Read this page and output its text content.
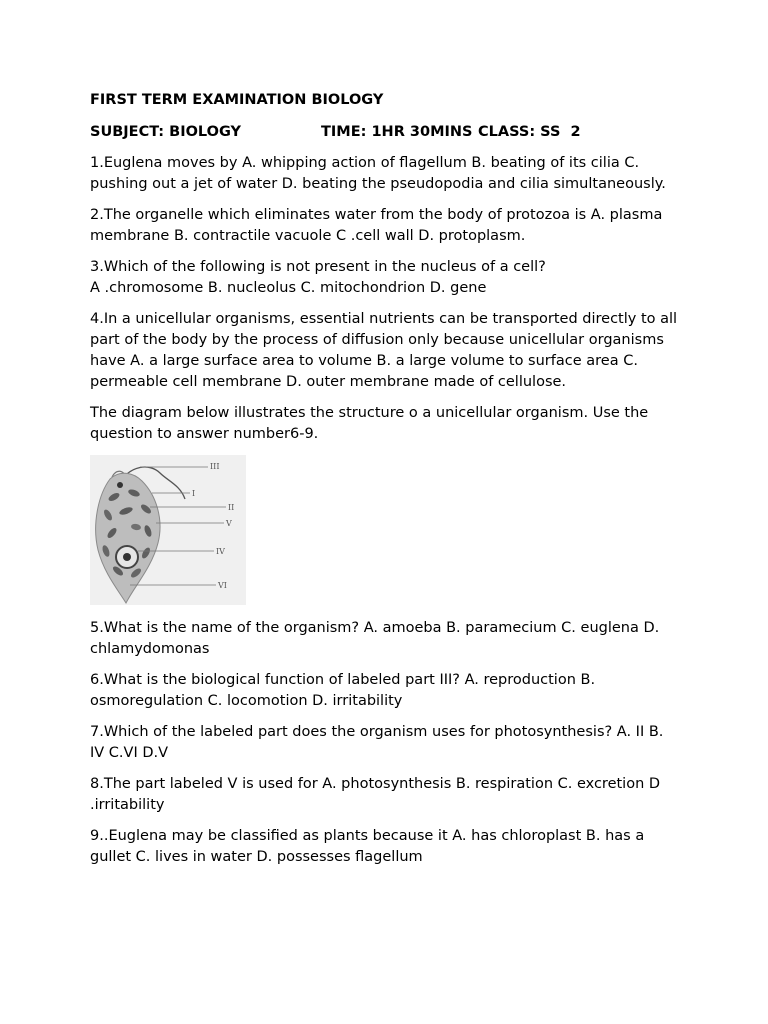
FIRST TERM EXAMINATION BIOLOGY
SUBJECT: BIOLOGY	TIME: 1HR 30MINS CLASS: SS  2
1.Euglena moves by A. whipping action of flagellum B. beating of its cilia C. pushing out a jet of water D. beating the pseudopodia and cilia simultaneously.
2.The organelle which eliminates water from the body of protozoa is A. plasma membrane B. contractile vacuole C .cell wall D. protoplasm.
3.Which of the following is not present in the nucleus of a cell?
A .chromosome B. nucleolus C. mitochondrion D. gene
4.In a unicellular organisms, essential nutrients can be transported directly to all part of the body by the process of diffusion only because unicellular organisms have A. a large surface area to volume B. a large volume to surface area C. permeable cell membrane D. outer membrane made of cellulose.
The diagram below illustrates the structure o a unicellular organism. Use the question to answer number6-9.
III
I
II
V
IV
VI
5.What is the name of the organism? A. amoeba B. paramecium C. euglena D. chlamydomonas
6.What is the biological function of labeled part III? A. reproduction B. osmoregulation C. locomotion D. irritability
7.Which of the labeled part does the organism uses for photosynthesis? A. II B. IV C.VI D.V
8.The part labeled V is used for A. photosynthesis B. respiration C. excretion D .irritability
9..Euglena may be classified as plants because it A. has chloroplast B. has a gullet C. lives in water D. possesses flagellum
